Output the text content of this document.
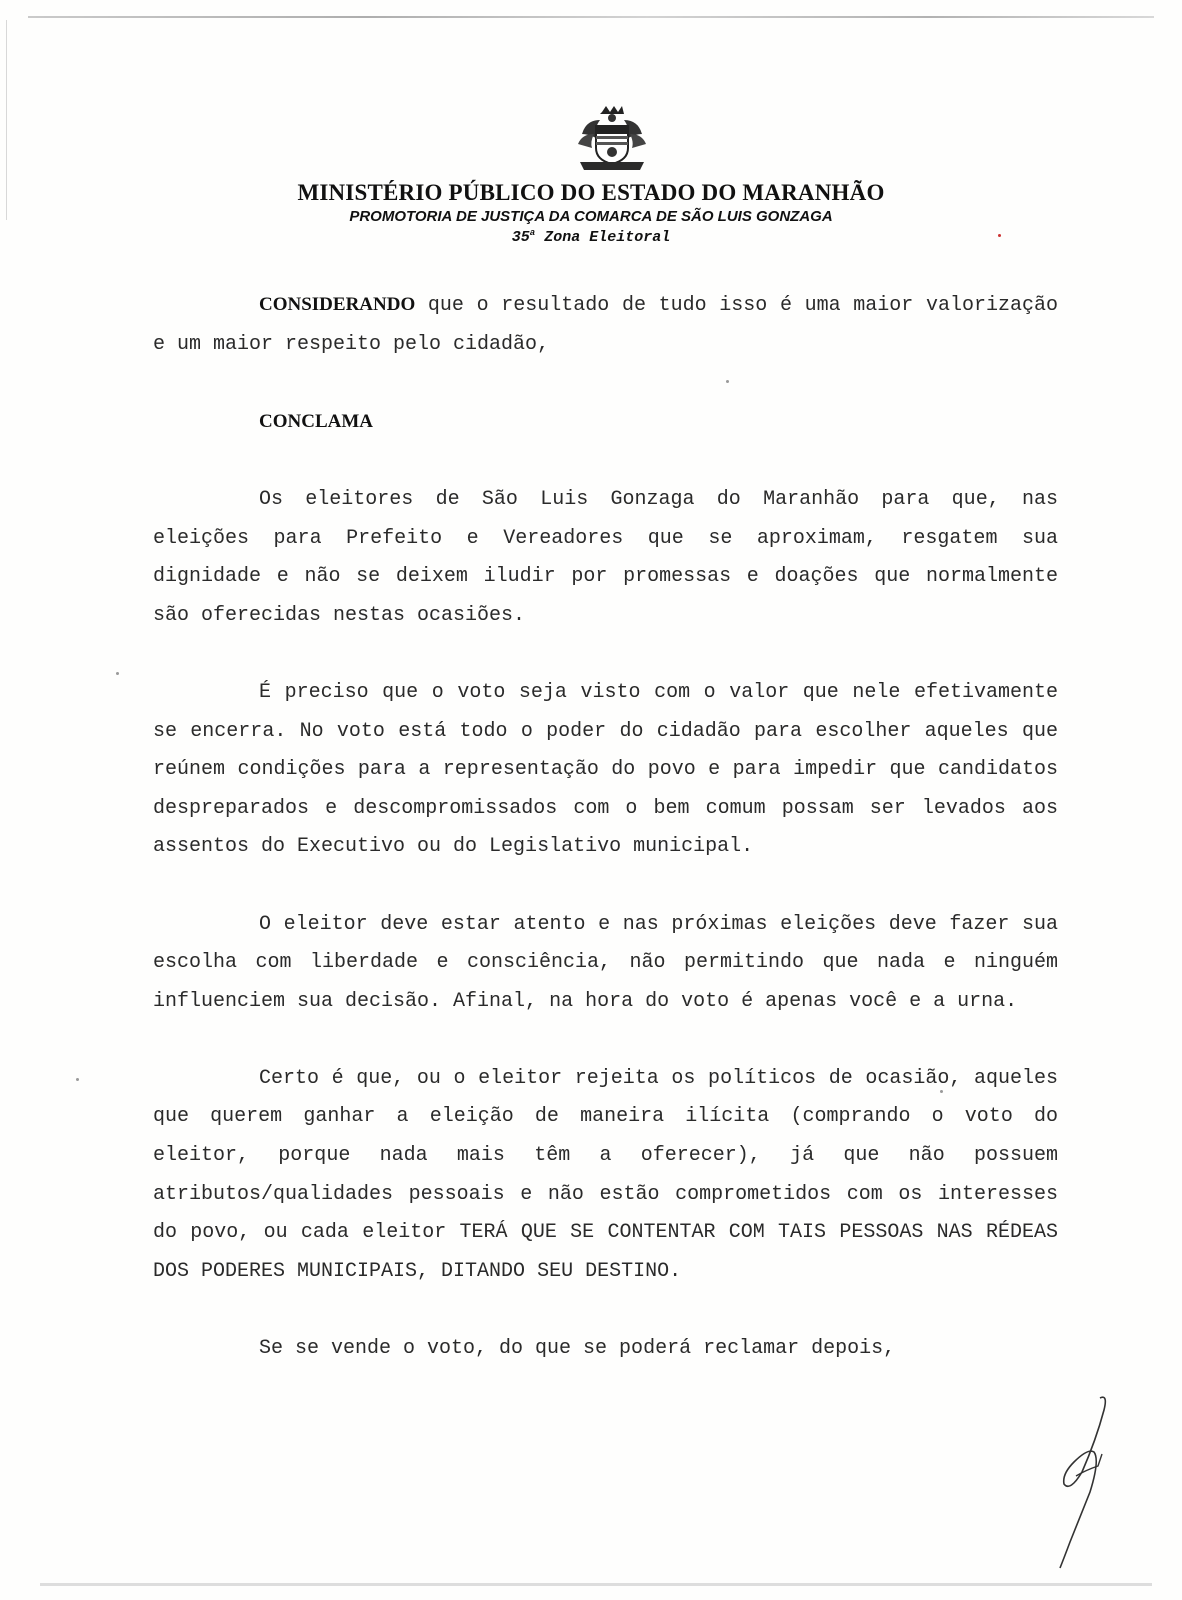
MINISTÉRIO PÚBLICO DO ESTADO DO MARANHÃO
PROMOTORIA DE JUSTIÇA DA COMARCA DE SÃO LUIS GONZAGA
35$^a$ Zona Eleitoral

CONSIDERANDO que o resultado de tudo isso é uma maior valorização e um maior respeito pelo cidadão,

CONCLAMA

Os eleitores de São Luis Gonzaga do Maranhão para que, nas eleições para Prefeito e Vereadores que se aproximam, resgatem sua dignidade e não se deixem iludir por promessas e doações que normalmente são oferecidas nestas ocasiões.

É preciso que o voto seja visto com o valor que nele efetivamente se encerra. No voto está todo o poder do cidadão para escolher aqueles que reúnem condições para a representação do povo e para impedir que candidatos despreparados e descompromissados com o bem comum possam ser levados aos assentos do Executivo ou do Legislativo municipal.

O eleitor deve estar atento e nas próximas eleições deve fazer sua escolha com liberdade e consciência, não permitindo que nada e ninguém influenciem sua decisão. Afinal, na hora do voto é apenas você e a urna.

Certo é que, ou o eleitor rejeita os políticos de ocasião, aqueles que querem ganhar a eleição de maneira ilícita (comprando o voto do eleitor, porque nada mais têm a oferecer), já que não possuem atributos/qualidades pessoais e não estão comprometidos com os interesses do povo, ou cada eleitor TERÁ QUE SE CONTENTAR COM TAIS PESSOAS NAS RÉDEAS DOS PODERES MUNICIPAIS, DITANDO SEU DESTINO.

Se se vende o voto, do que se poderá reclamar depois,
